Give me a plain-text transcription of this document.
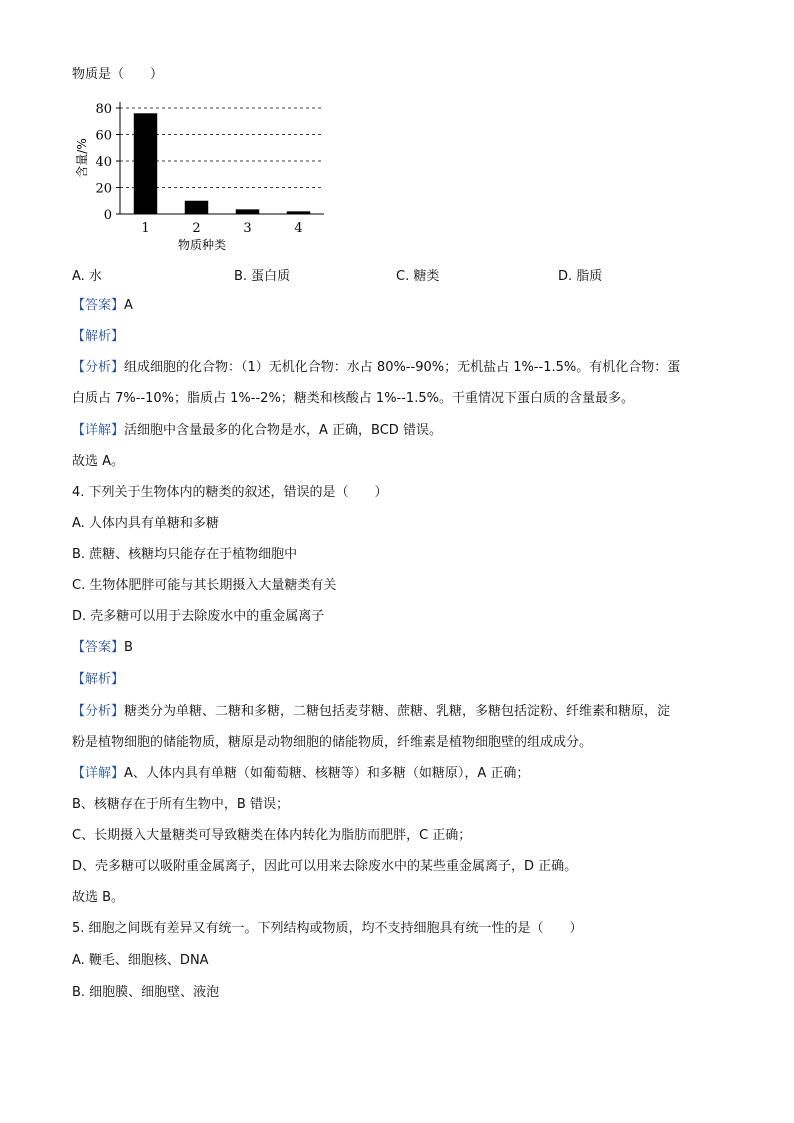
物质是（　　）
0
20
40
60
80
1	2	3	4
含量/%
物质种类
A. 水	B. 蛋白质	C. 糖类	D. 脂质
【答案】A
【解析】
【分析】组成细胞的化合物：（1）无机化合物：水占 80%--90%；无机盐占 1%--1.5%。有机化合物：蛋
白质占 7%--10%；脂质占 1%--2%；糖类和核酸占 1%--1.5%。干重情况下蛋白质的含量最多。
【详解】活细胞中含量最多的化合物是水，A 正确，BCD 错误。
故选 A。
4. 下列关于生物体内的糖类的叙述，错误的是（　　）
A. 人体内具有单糖和多糖
B. 蔗糖、核糖均只能存在于植物细胞中
C. 生物体肥胖可能与其长期摄入大量糖类有关
D. 壳多糖可以用于去除废水中的重金属离子
【答案】B
【解析】
【分析】糖类分为单糖、二糖和多糖，二糖包括麦芽糖、蔗糖、乳糖，多糖包括淀粉、纤维素和糖原，淀
粉是植物细胞的储能物质，糖原是动物细胞的储能物质，纤维素是植物细胞壁的组成成分。
【详解】A、人体内具有单糖（如葡萄糖、核糖等）和多糖（如糖原），A 正确；
B、核糖存在于所有生物中，B 错误；
C、长期摄入大量糖类可导致糖类在体内转化为脂肪而肥胖，C 正确；
D、壳多糖可以吸附重金属离子，因此可以用来去除废水中的某些重金属离子，D 正确。
故选 B。
5. 细胞之间既有差异又有统一。下列结构或物质，均不支持细胞具有统一性的是（　　）
A. 鞭毛、细胞核、DNA
B. 细胞膜、细胞壁、液泡
